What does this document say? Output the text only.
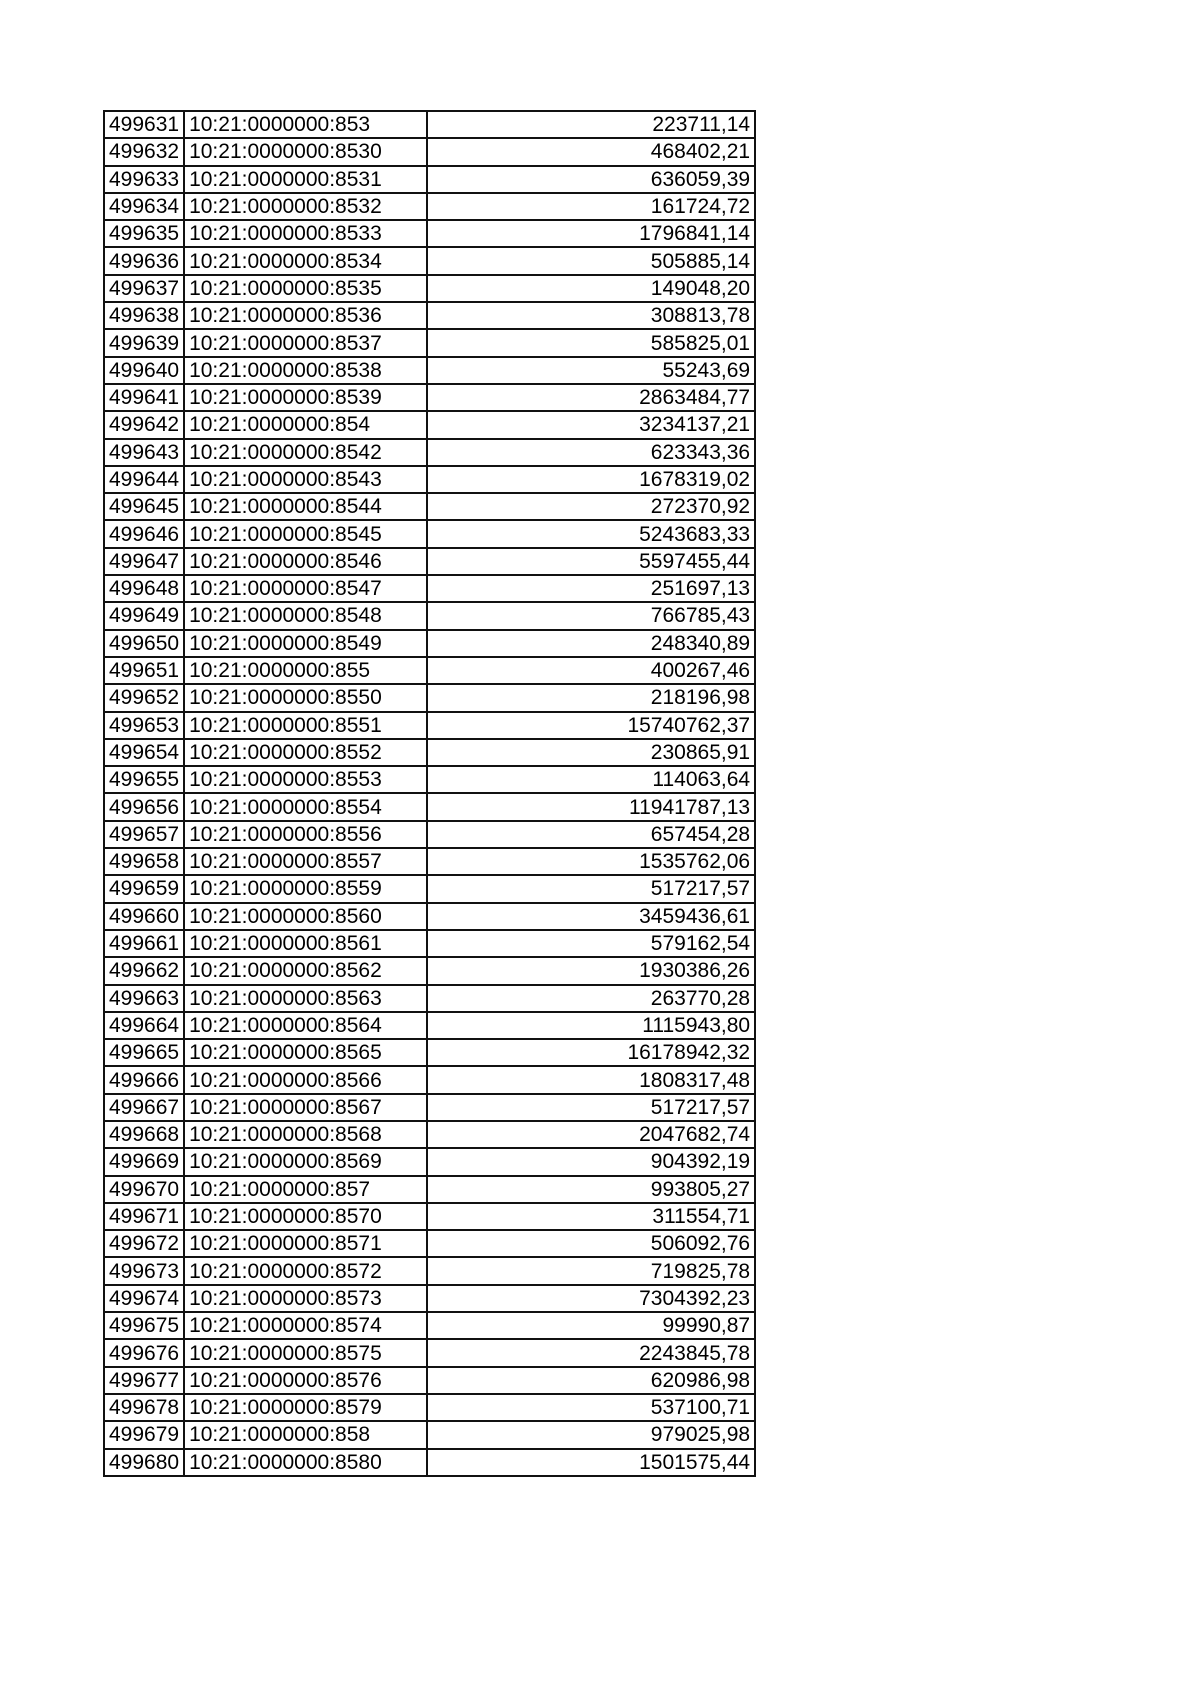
499631	10:21:0000000:853	223711,14
499632	10:21:0000000:8530	468402,21
499633	10:21:0000000:8531	636059,39
499634	10:21:0000000:8532	161724,72
499635	10:21:0000000:8533	1796841,14
499636	10:21:0000000:8534	505885,14
499637	10:21:0000000:8535	149048,20
499638	10:21:0000000:8536	308813,78
499639	10:21:0000000:8537	585825,01
499640	10:21:0000000:8538	55243,69
499641	10:21:0000000:8539	2863484,77
499642	10:21:0000000:854	3234137,21
499643	10:21:0000000:8542	623343,36
499644	10:21:0000000:8543	1678319,02
499645	10:21:0000000:8544	272370,92
499646	10:21:0000000:8545	5243683,33
499647	10:21:0000000:8546	5597455,44
499648	10:21:0000000:8547	251697,13
499649	10:21:0000000:8548	766785,43
499650	10:21:0000000:8549	248340,89
499651	10:21:0000000:855	400267,46
499652	10:21:0000000:8550	218196,98
499653	10:21:0000000:8551	15740762,37
499654	10:21:0000000:8552	230865,91
499655	10:21:0000000:8553	114063,64
499656	10:21:0000000:8554	11941787,13
499657	10:21:0000000:8556	657454,28
499658	10:21:0000000:8557	1535762,06
499659	10:21:0000000:8559	517217,57
499660	10:21:0000000:8560	3459436,61
499661	10:21:0000000:8561	579162,54
499662	10:21:0000000:8562	1930386,26
499663	10:21:0000000:8563	263770,28
499664	10:21:0000000:8564	1115943,80
499665	10:21:0000000:8565	16178942,32
499666	10:21:0000000:8566	1808317,48
499667	10:21:0000000:8567	517217,57
499668	10:21:0000000:8568	2047682,74
499669	10:21:0000000:8569	904392,19
499670	10:21:0000000:857	993805,27
499671	10:21:0000000:8570	311554,71
499672	10:21:0000000:8571	506092,76
499673	10:21:0000000:8572	719825,78
499674	10:21:0000000:8573	7304392,23
499675	10:21:0000000:8574	99990,87
499676	10:21:0000000:8575	2243845,78
499677	10:21:0000000:8576	620986,98
499678	10:21:0000000:8579	537100,71
499679	10:21:0000000:858	979025,98
499680	10:21:0000000:8580	1501575,44
